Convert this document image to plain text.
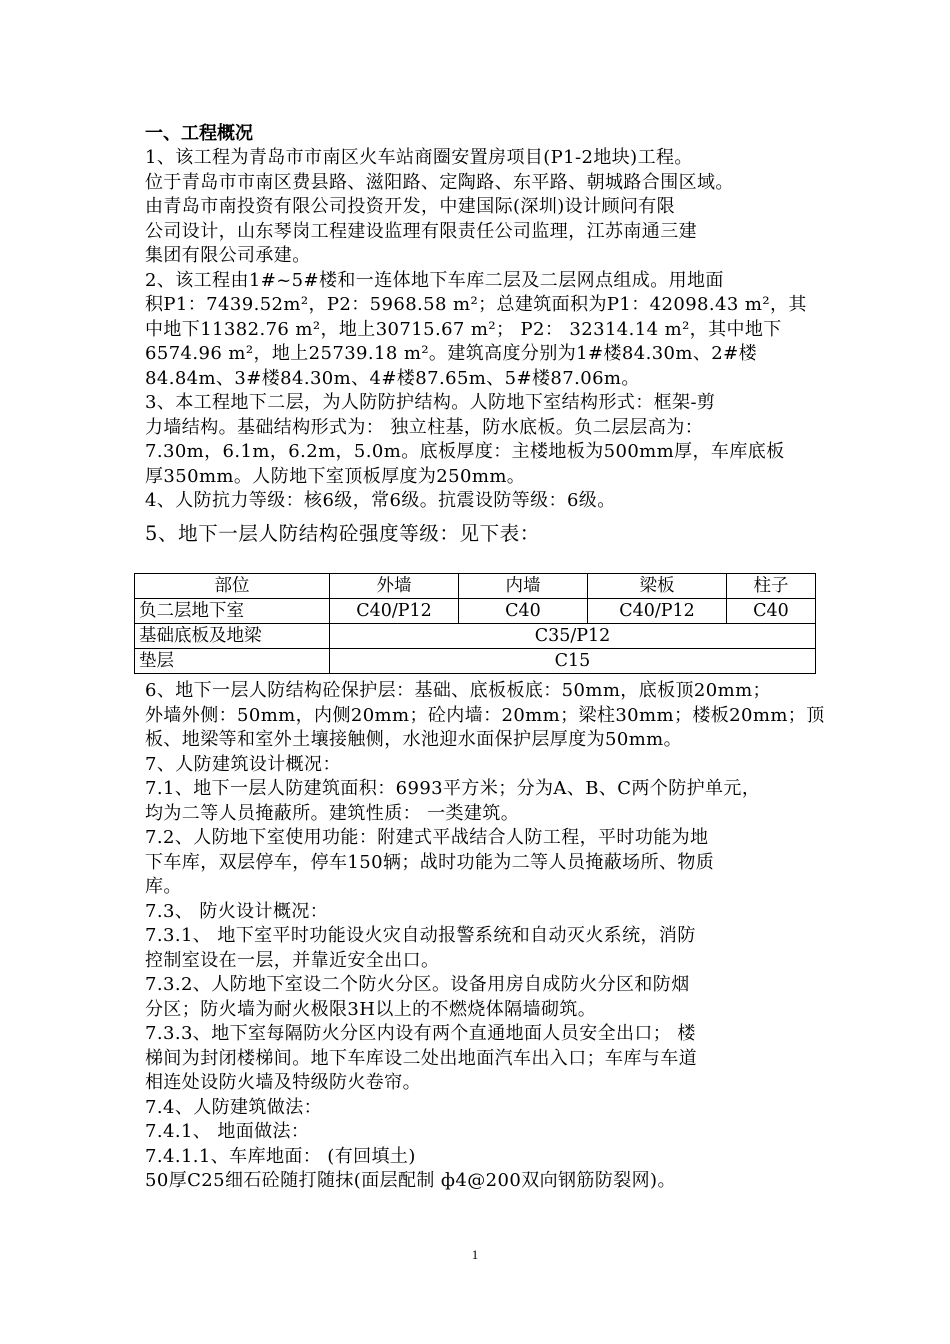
一、工程概况
1、该工程为青岛市市南区火车站商圈安置房项目(P1-2地块)工程。
位于青岛市市南区费县路、滋阳路、定陶路、东平路、朝城路合围区域。
由青岛市南投资有限公司投资开发，中建国际(深圳)设计顾问有限
公司设计，山东琴岗工程建设监理有限责任公司监理，江苏南通三建
集团有限公司承建。
2、该工程由1#~5#楼和一连体地下车库二层及二层网点组成。用地面
积P1：7439.52m²，P2：5968.58 m²；总建筑面积为P1：42098.43 m²，其
中地下11382.76 m²，地上30715.67 m²； P2： 32314.14 m²，其中地下
6574.96 m²，地上25739.18 m²。建筑高度分别为1#楼84.30m、2#楼
84.84m、3#楼84.30m、4#楼87.65m、5#楼87.06m。
3、本工程地下二层，为人防防护结构。人防地下室结构形式：框架-剪
力墙结构。基础结构形式为： 独立柱基，防水底板。负二层层高为：
7.30m，6.1m，6.2m，5.0m。底板厚度：主楼地板为500mm厚，车库底板
厚350mm。人防地下室顶板厚度为250mm。
4、人防抗力等级：核6级，常6级。抗震设防等级：6级。
5、地下一层人防结构砼强度等级：见下表：
部位	外墙	内墙	梁板	柱子
负二层地下室	C40/P12	C40	C40/P12	C40
基础底板及地梁	C35/P12			
垫层	C15			
6、地下一层人防结构砼保护层：基础、底板板底：50mm，底板顶20mm；
外墙外侧：50mm，内侧20mm；砼内墙：20mm；梁柱30mm；楼板20mm；顶
板、地梁等和室外土壤接触侧，水池迎水面保护层厚度为50mm。
7、人防建筑设计概况：
7.1、地下一层人防建筑面积：6993平方米；分为A、B、C两个防护单元，
均为二等人员掩蔽所。建筑性质： 一类建筑。
7.2、人防地下室使用功能：附建式平战结合人防工程，平时功能为地
下车库，双层停车，停车150辆；战时功能为二等人员掩蔽场所、物质
库。
7.3、 防火设计概况：
7.3.1、 地下室平时功能设火灾自动报警系统和自动灭火系统，消防
控制室设在一层，并靠近安全出口。
7.3.2、人防地下室设二个防火分区。设备用房自成防火分区和防烟
分区；防火墙为耐火极限3H以上的不燃烧体隔墙砌筑。
7.3.3、地下室每隔防火分区内设有两个直通地面人员安全出口； 楼
梯间为封闭楼梯间。地下车库设二处出地面汽车出入口；车库与车道
相连处设防火墙及特级防火卷帘。
7.4、人防建筑做法：
7.4.1、 地面做法：
7.4.1.1、车库地面： (有回填土)
50厚C25细石砼随打随抹(面层配制 ф4@200双向钢筋防裂网)。
1
